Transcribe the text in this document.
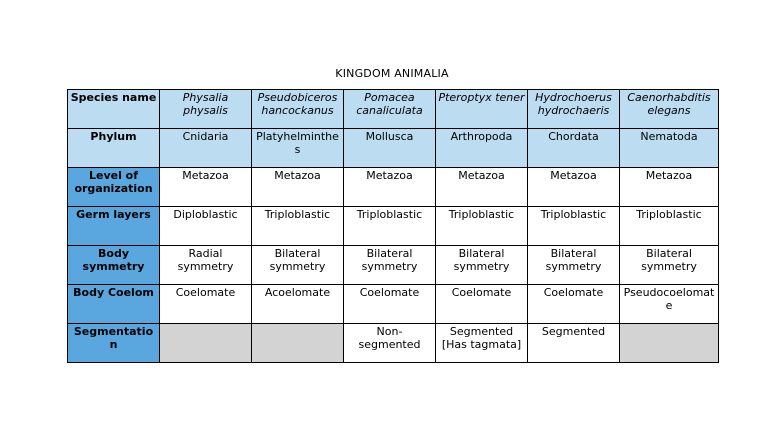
KINGDOM ANIMALIA
Species name	Physalia physalis	Pseudobiceros hancockanus	Pomacea canaliculata	Pteroptyx tener	Hydrochoerus hydrochaeris	Caenorhabditis elegans
Phylum	Cnidaria	Platyhelminthes	Mollusca	Arthropoda	Chordata	Nematoda
Level of organization	Metazoa	Metazoa	Metazoa	Metazoa	Metazoa	Metazoa
Germ layers	Diploblastic	Triploblastic	Triploblastic	Triploblastic	Triploblastic	Triploblastic
Body symmetry	Radial symmetry	Bilateral symmetry	Bilateral symmetry	Bilateral symmetry	Bilateral symmetry	Bilateral symmetry
Body Coelom	Coelomate	Acoelomate	Coelomate	Coelomate	Coelomate	Pseudocoelomate
Segmentation			Non-segmented	Segmented [Has tagmata]	Segmented	
